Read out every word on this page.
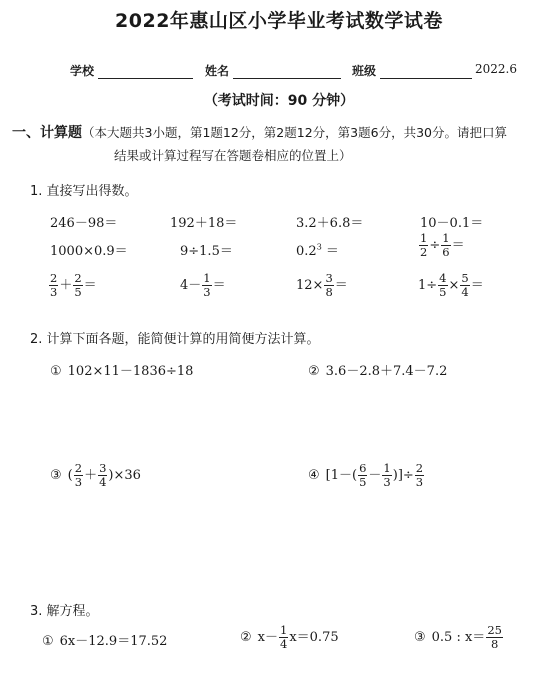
2022年惠山区小学毕业考试数学试卷
学校	姓名	班级	2022.6
（考试时间：90 分钟）
一、计算题（本大题共3小题，第1题12分，第2题12分，第3题6分，共30分。请把口算
结果或计算过程写在答题卷相应的位置上）
1. 直接写出得数。
246－98＝	192＋18＝	3.2＋6.8＝	10－0.1＝
1000×0.9＝	9÷1.5＝	$0.2^3$ ＝	$\frac{1}{2} \div \frac{1}{6}$ ＝
$\frac{2}{3} + \frac{2}{5}$ ＝	$4- \frac{1}{3}$ ＝	$12\times \frac{3}{8}$ ＝	$1\div \frac{4}{5} \times \frac{5}{4}$ ＝
2. 计算下面各题，能简便计算的用简便方法计算。
① 102×11－1836÷18	② 3.6－2.8＋7.4－7.2
③ ( $\frac{2}{3} + \frac{3}{4} )\times 36$	④ [$1-( \frac{6}{5} - \frac{1}{3}$ )]÷ $\frac{2}{3}$
3. 解方程。
① 6x－12.9＝17.52	② $x- \frac{1}{4} x=0.75$	③ 0.5 : $x= \frac{25}{8}$
